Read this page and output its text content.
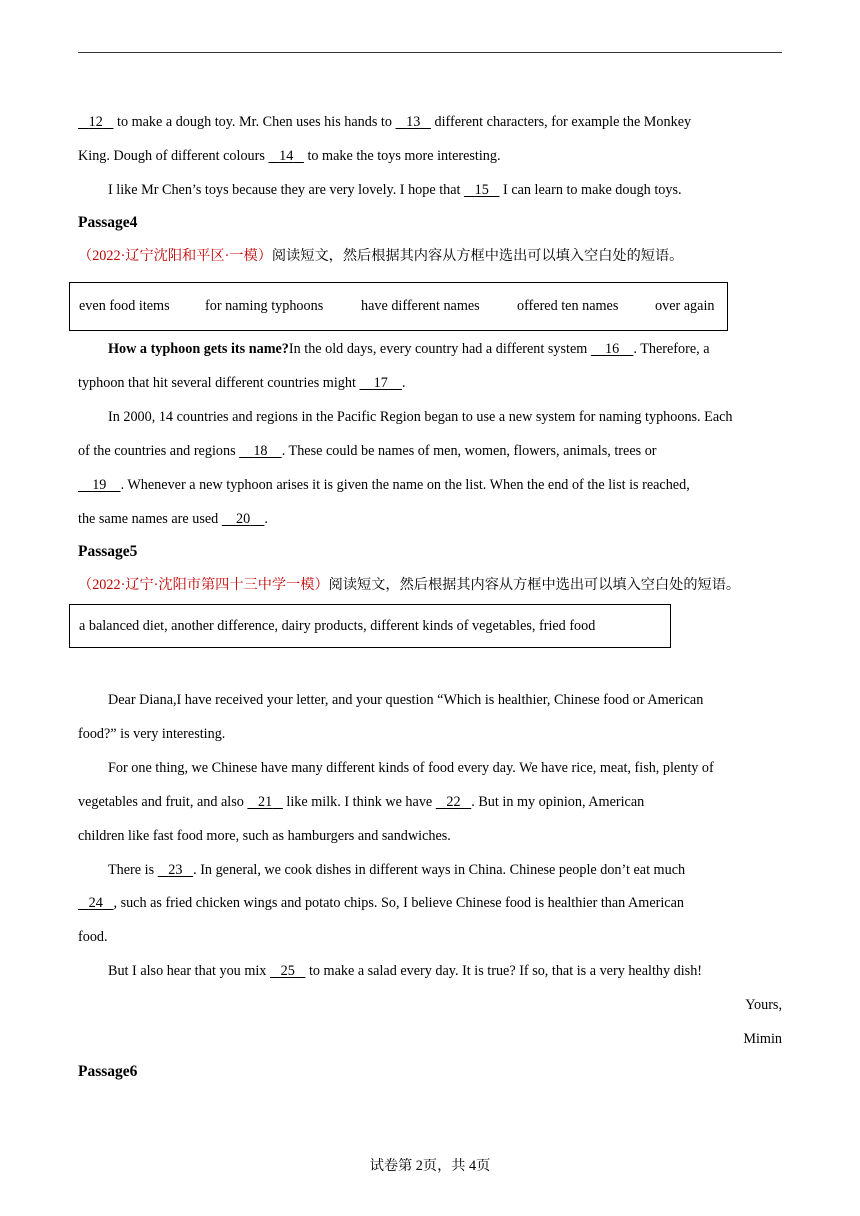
12    to make a dough toy. Mr. Chen uses his hands to    13    different characters, for example the Monkey
King. Dough of different colours    14    to make the toys more interesting.
I like Mr Chen’s toys because they are very lovely. I hope that    15    I can learn to make dough toys.
Passage4
（2022·辽宁沈阳和平区·一模）阅读短文，然后根据其内容从方框中选出可以填入空白处的短语。
even food items	for naming typhoons	have different names	offered ten names	over again
How a typhoon gets its name?In the old days, every country had a different system     16 . Therefore, a
typhoon that hit several different countries might     17 .
In 2000, 14 countries and regions in the Pacific Region began to use a new system for naming typhoons. Each
of the countries and regions     18 . These could be names of men, women, flowers, animals, trees or
19 . Whenever a new typhoon arises it is given the name on the list. When the end of the list is reached,
the same names are used     20 .
Passage5
（2022·辽宁·沈阳市第四十三中学一模）阅读短文，然后根据其内容从方框中选出可以填入空白处的短语。
a balanced diet, another difference, dairy products, different kinds of vegetables, fried food
Dear Diana,I have received your letter, and your question “Which is healthier, Chinese food or American
food?” is very interesting.
For one thing, we Chinese have many different kinds of food every day. We have rice, meat, fish, plenty of
vegetables and fruit, and also    21    like milk. I think we have    22 . But in my opinion, American
children like fast food more, such as hamburgers and sandwiches.
There is    23 . In general, we cook dishes in different ways in China. Chinese people don’t eat much
24 , such as fried chicken wings and potato chips. So, I believe Chinese food is healthier than American
food.
But I also hear that you mix    25    to make a salad every day. It is true? If so, that is a very healthy dish!
Yours,
Mimin
Passage6
试卷第 2页，共 4页
